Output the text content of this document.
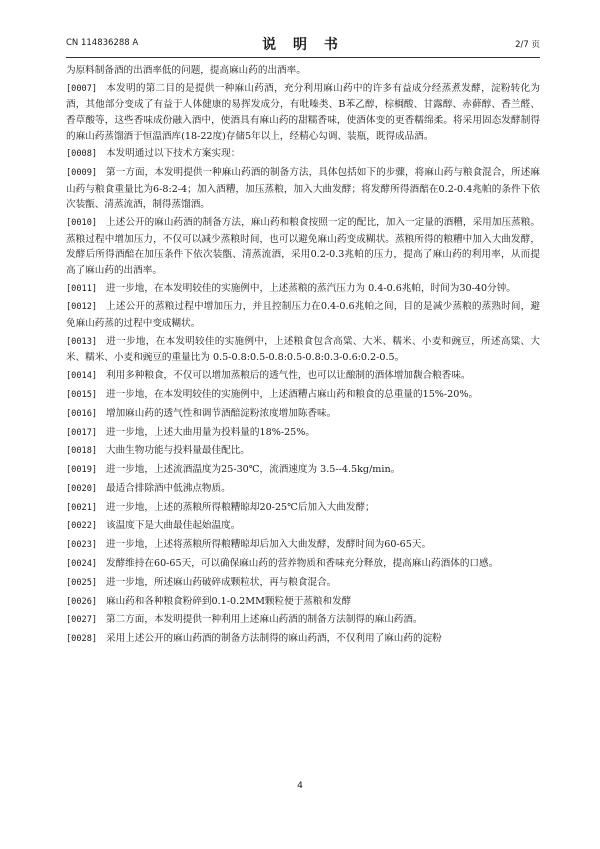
CN 114836288 A	说 明 书	2/7 页

为原料制备酒的出酒率低的问题，提高麻山药的出酒率。

[0007] 本发明的第二目的是提供一种麻山药酒，充分利用麻山药中的许多有益成分经蒸煮发酵，淀粉转化为酒，其他部分变成了有益于人体健康的易挥发成分，有吡嗪类、B苯乙醇，棕榈酸、甘露醇、赤藓醇、香兰醛、香草酸等，这些香味成份融入酒中，使酒具有麻山药的甜糯香味，使酒体变的更香糯绵柔。将采用固态发酵制得的麻山药蒸馏酒于恒温酒库(18-22度)存储5年以上，经精心勾调、装瓶，既得成品酒。

[0008] 本发明通过以下技术方案实现：

[0009] 第一方面，本发明提供一种麻山药酒的制备方法，具体包括如下的步骤，将麻山药与粮食混合，所述麻山药与粮食重量比为6-8:2-4；加入酒糟，加压蒸粮，加入大曲发酵；将发酵所得酒醅在0.2-0.4兆帕的条件下依次装甑、清蒸流酒，制得蒸馏酒。

[0010] 上述公开的麻山药酒的制备方法，麻山药和粮食按照一定的配比，加入一定量的酒糟，采用加压蒸粮。蒸粮过程中增加压力，不仅可以减少蒸粮时间，也可以避免麻山药变成糊状。蒸粮所得的粮糟中加入大曲发酵，发酵后所得酒醅在加压条件下依次装甑、清蒸流酒，采用0.2-0.3兆帕的压力，提高了麻山药的利用率，从而提高了麻山药的出酒率。

[0011] 进一步地，在本发明较佳的实施例中，上述蒸粮的蒸汽压力为 0.4-0.6兆帕，时间为30-40分钟。

[0012] 上述公开的蒸粮过程中增加压力，并且控制压力在0.4-0.6兆帕之间，目的是减少蒸粮的蒸熟时间，避免麻山药蒸的过程中变成糊状。

[0013] 进一步地，在本发明较佳的实施例中，上述粮食包含高粱、大米、糯米、小麦和豌豆，所述高粱、大米、糯米、小麦和豌豆的重量比为 0.5-0.8:0.5-0.8:0.5-0.8:0.3-0.6:0.2-0.5。

[0014] 利用多种粮食，不仅可以增加蒸粮后的透气性，也可以让酿制的酒体增加馥合粮香味。

[0015] 进一步地，在本发明较佳的实施例中，上述酒糟占麻山药和粮食的总重量的15%-20%。

[0016] 增加麻山药的透气性和调节酒醅淀粉浓度增加陈香味。

[0017] 进一步地，上述大曲用量为投料量的18%-25%。

[0018] 大曲生物功能与投料量最佳配比。

[0019] 进一步地，上述流酒温度为25-30℃，流酒速度为 3.5--4.5kg/min。

[0020] 最适合排除酒中低沸点物质。

[0021] 进一步地，上述的蒸粮所得粮糟晾却20-25℃后加入大曲发酵；

[0022] 该温度下是大曲最佳起始温度。

[0023] 进一步地，上述将蒸粮所得粮糟晾却后加入大曲发酵，发酵时间为60-65天。

[0024] 发酵维持在60-65天，可以确保麻山药的营养物质和香味充分释放，提高麻山药酒体的口感。

[0025] 进一步地，所述麻山药破碎成颗粒状，再与粮食混合。

[0026] 麻山药和各种粮食粉碎到0.1-0.2MM颗粒便于蒸粮和发酵

[0027] 第二方面，本发明提供一种利用上述麻山药酒的制备方法制得的麻山药酒。

[0028] 采用上述公开的麻山药酒的制备方法制得的麻山药酒，不仅利用了麻山药的淀粉

4
